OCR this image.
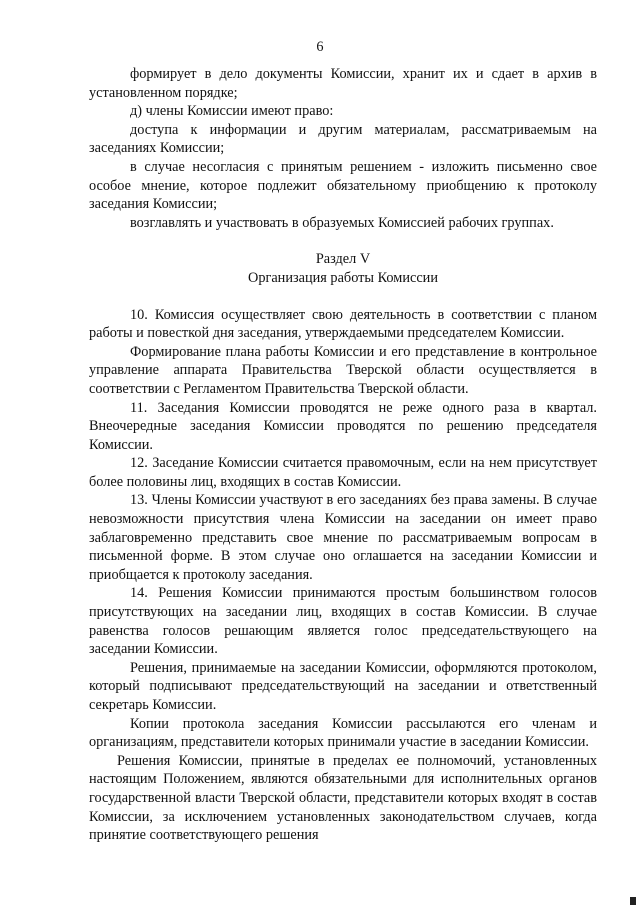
6

формирует в дело документы Комиссии, хранит их и сдает в архив в установленном порядке;

д) члены Комиссии имеют право:

доступа к информации и другим материалам, рассматриваемым на заседаниях Комиссии;

в случае несогласия с принятым решением - изложить письменно свое особое мнение, которое подлежит обязательному приобщению к протоколу заседания Комиссии;

возглавлять и участвовать в образуемых Комиссией рабочих группах.

Раздел V

Организация работы Комиссии

10. Комиссия осуществляет свою деятельность в соответствии с планом работы и повесткой дня заседания, утверждаемыми председателем Комиссии.

Формирование плана работы Комиссии и его представление в контрольное управление аппарата Правительства Тверской области осуществляется в соответствии с Регламентом Правительства Тверской области.

11. Заседания Комиссии проводятся не реже одного раза в квартал. Внеочередные заседания Комиссии проводятся по решению председателя Комиссии.

12. Заседание Комиссии считается правомочным, если на нем присутствует более половины лиц, входящих в состав Комиссии.

13. Члены Комиссии участвуют в его заседаниях без права замены. В случае невозможности присутствия члена Комиссии на заседании он имеет право заблаговременно представить свое мнение по рассматриваемым вопросам в письменной форме. В этом случае оно оглашается на заседании Комиссии и приобщается к протоколу заседания.

14. Решения Комиссии принимаются простым большинством голосов присутствующих на заседании лиц, входящих в состав Комиссии. В случае равенства голосов решающим является голос председательствующего на заседании Комиссии.

Решения, принимаемые на заседании Комиссии, оформляются протоколом, который подписывают председательствующий на заседании и ответственный секретарь Комиссии.

Копии протокола заседания Комиссии рассылаются его членам и организациям, представители которых принимали участие в заседании Комиссии.

Решения Комиссии, принятые в пределах ее полномочий, установленных настоящим Положением, являются обязательными для исполнительных органов государственной власти Тверской области, представители которых входят в состав Комиссии, за исключением установленных законодательством случаев, когда принятие соответствующего решения
